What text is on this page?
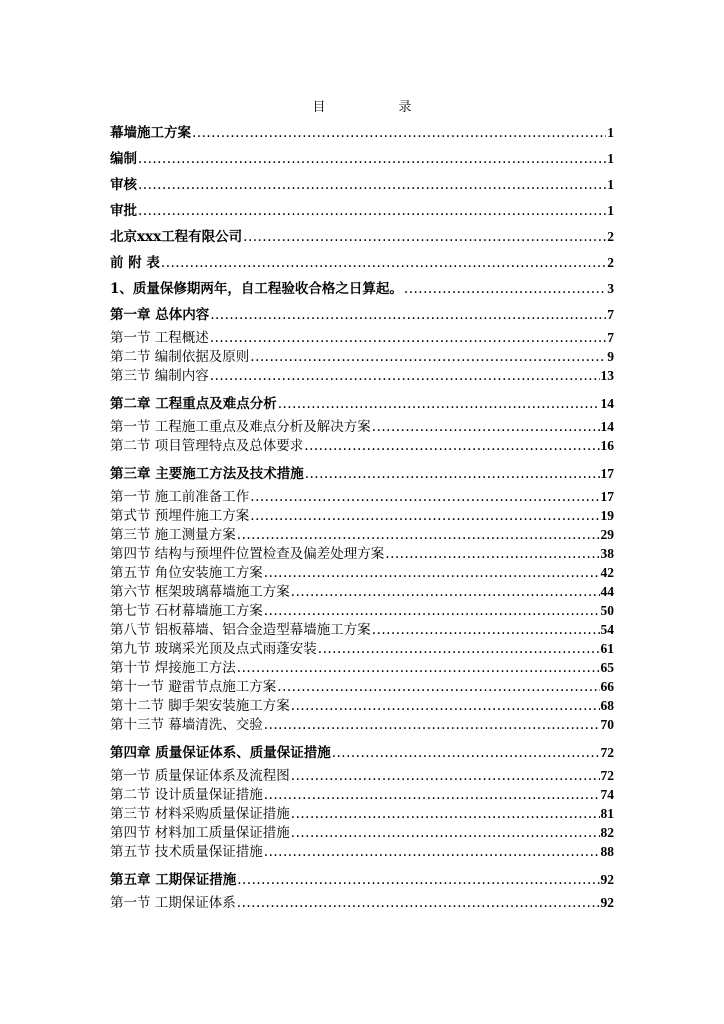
目　录
幕墙施工方案 .....	1
编制 .....	1
审核 .....	1
审批 .....	1
北京xxx工程有限公司 .....	2
前 附 表 .....	2
1、质量保修期两年，自工程验收合格之日算起。 .....	3
第一章 总体内容 .....	7
第一节 工程概述 .....	7
第二节 编制依据及原则 .....	9
第三节 编制内容 .....	13
第二章 工程重点及难点分析 .....	14
第一节 工程施工重点及难点分析及解决方案 .....	14
第二节 项目管理特点及总体要求 .....	16
第三章 主要施工方法及技术措施 .....	17
第一节 施工前准备工作 .....	17
第式节 预埋件施工方案 .....	19
第三节 施工测量方案 .....	29
第四节 结构与预埋件位置检查及偏差处理方案 .....	38
第五节 角位安装施工方案 .....	42
第六节 框架玻璃幕墙施工方案 .....	44
第七节 石材幕墙施工方案 .....	50
第八节 铝板幕墙、铝合金造型幕墙施工方案 .....	54
第九节 玻璃采光顶及点式雨蓬安装 .....	61
第十节 焊接施工方法 .....	65
第十一节 避雷节点施工方案 .....	66
第十二节 脚手架安装施工方案 .....	68
第十三节 幕墙清洗、交验 .....	70
第四章 质量保证体系、质量保证措施 .....	72
第一节 质量保证体系及流程图 .....	72
第二节 设计质量保证措施 .....	74
第三节 材料采购质量保证措施 .....	81
第四节 材料加工质量保证措施 .....	82
第五节 技术质量保证措施 .....	88
第五章 工期保证措施 .....	92
第一节 工期保证体系 .....	92
